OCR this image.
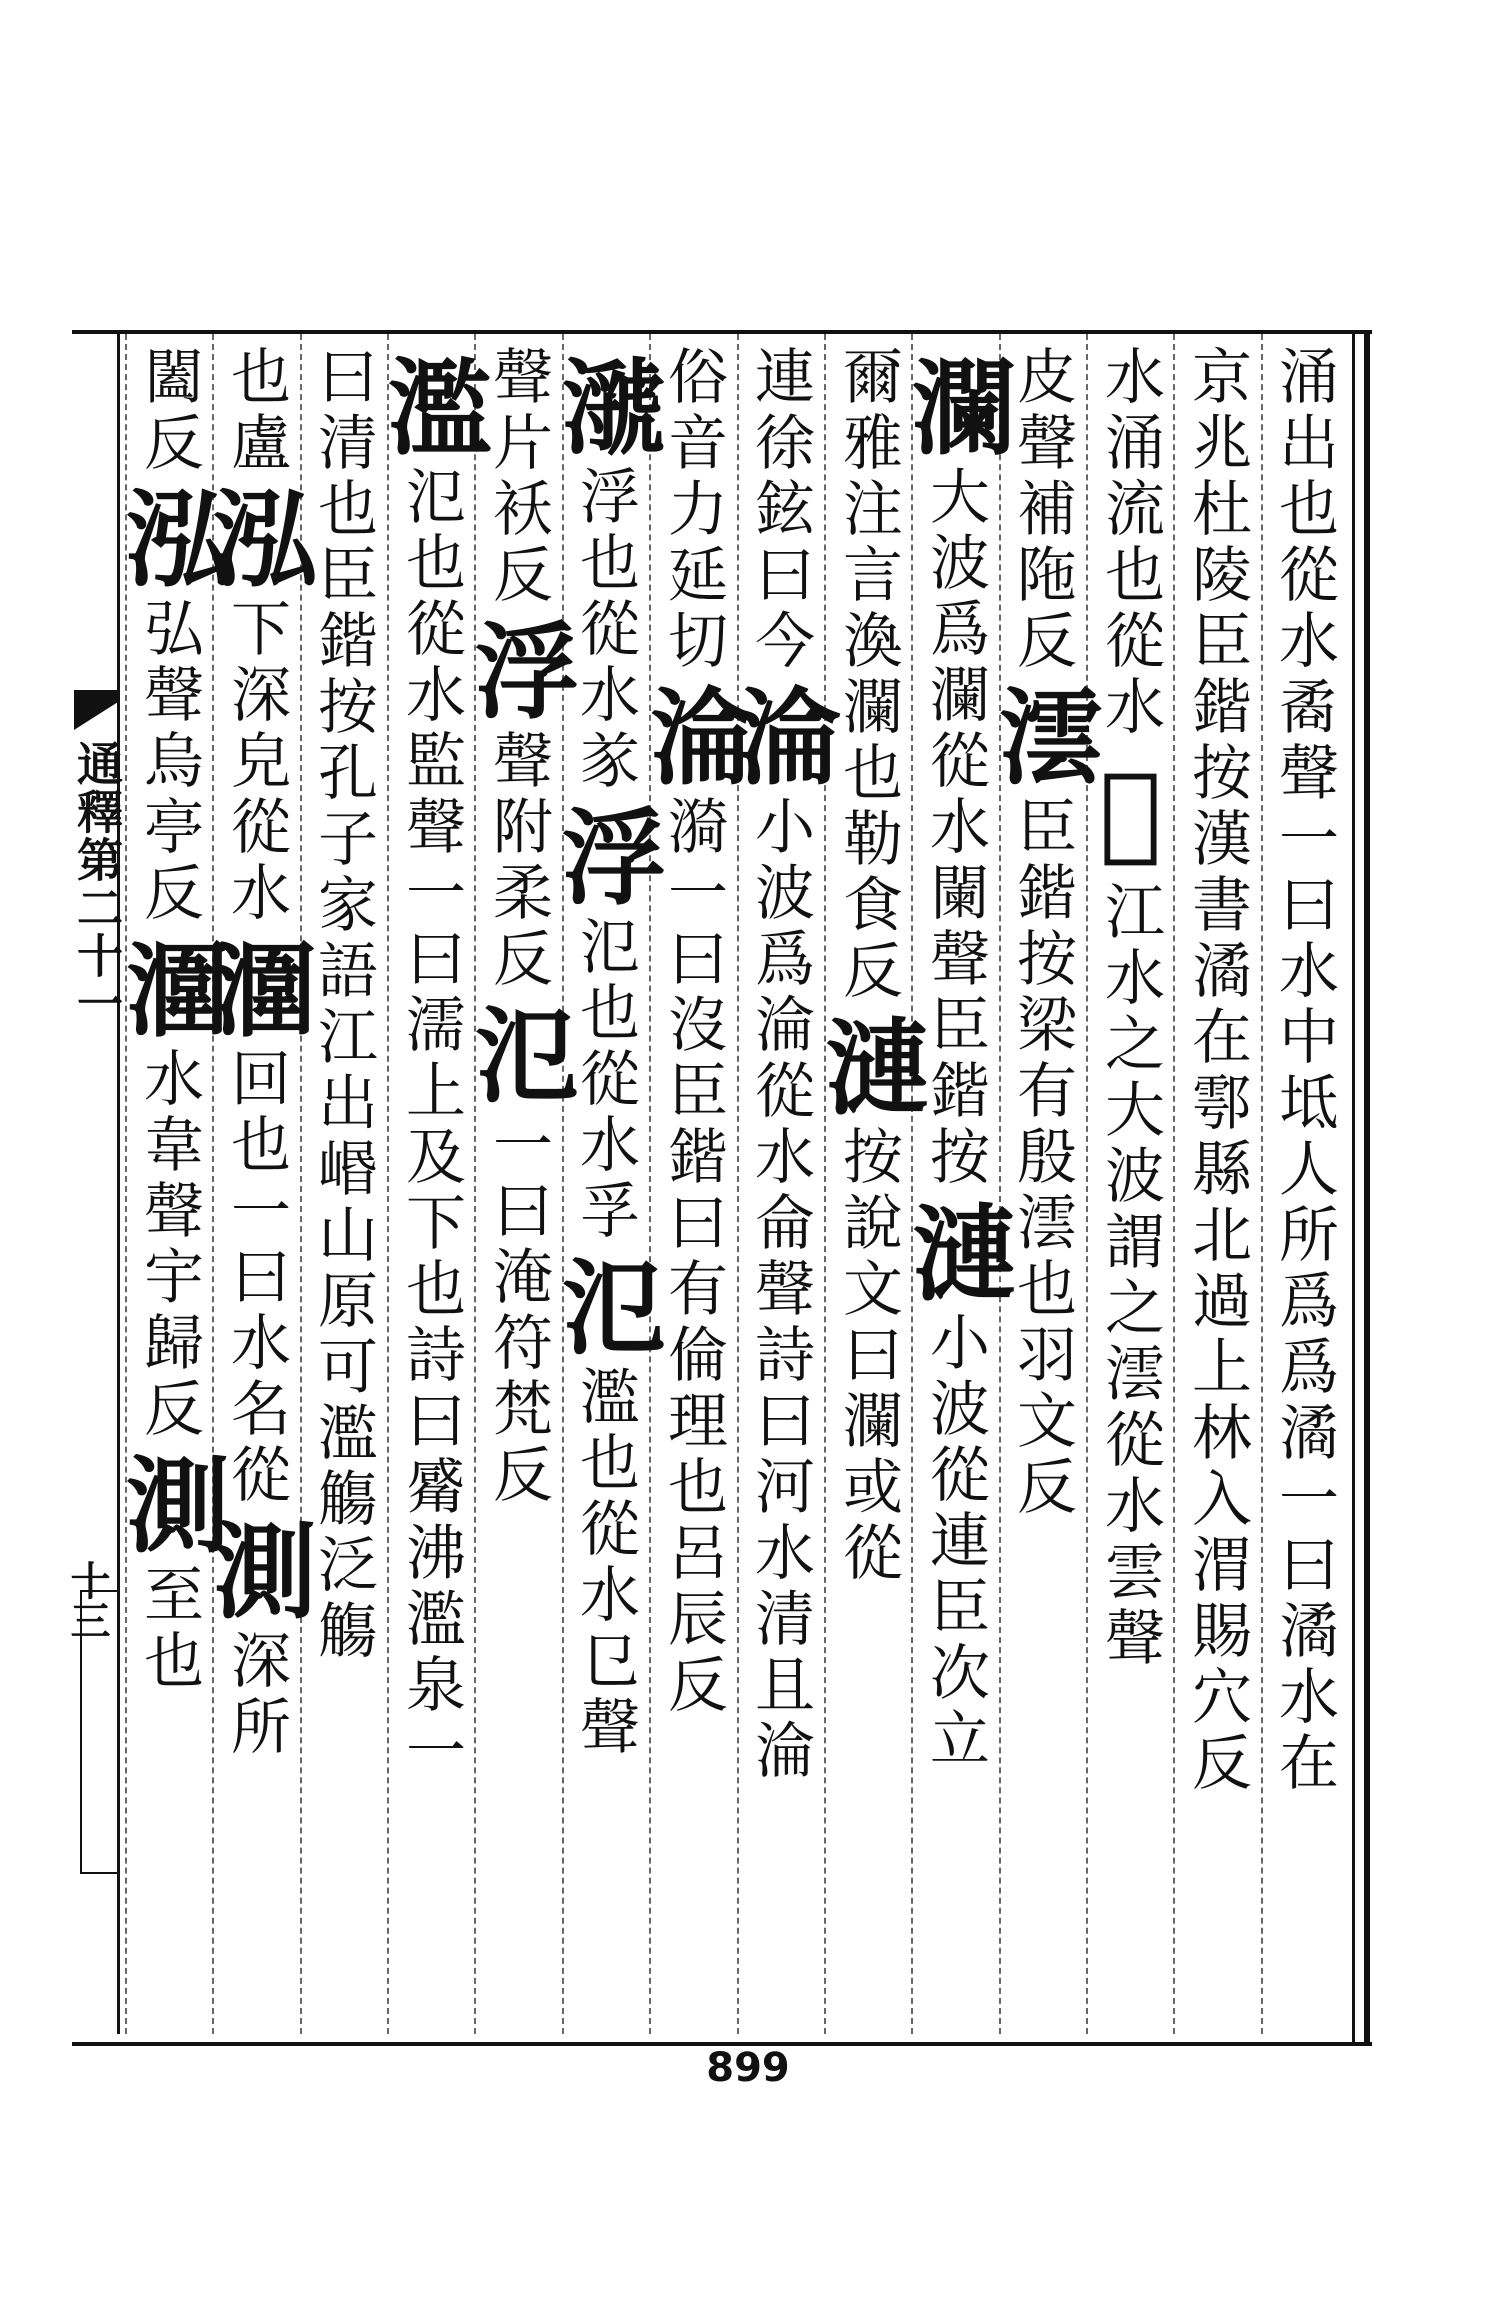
通釋第二十一
十三	涌出也從水矞聲一曰水中坻人所爲爲潏一曰潏水在
京兆杜陵臣鍇按漢書潏在鄠縣北過上林入渭賜穴反
水涌流也從水𣳚江水之大波謂之澐從水雲聲
皮聲補陁反澐臣鍇按梁有殷澐也羽文反
瀾大波爲瀾從水闌聲臣鍇按漣小波從連臣次立
爾雅注言渙瀾也勒食反漣按說文曰瀾或從
連徐鉉曰今淪小波爲淪從水侖聲詩曰河水清且淪
俗音力延切淪漪一曰沒臣鍇曰有倫理也呂辰反
㶁浮也從水㒸浮氾也從水孚氾濫也從水㔾聲
聲片袄反浮聲附柔反氾一曰淹符梵反
濫氾也從水監聲一曰濡上及下也詩曰觱沸濫泉一
曰清也臣鍇按孔子家語江出㟭山原可濫觴泛觴
也盧泓下深皃從水潿回也一曰水名從測深所
闔反泓弘聲烏亭反潿水韋聲宇歸反測至也
899
